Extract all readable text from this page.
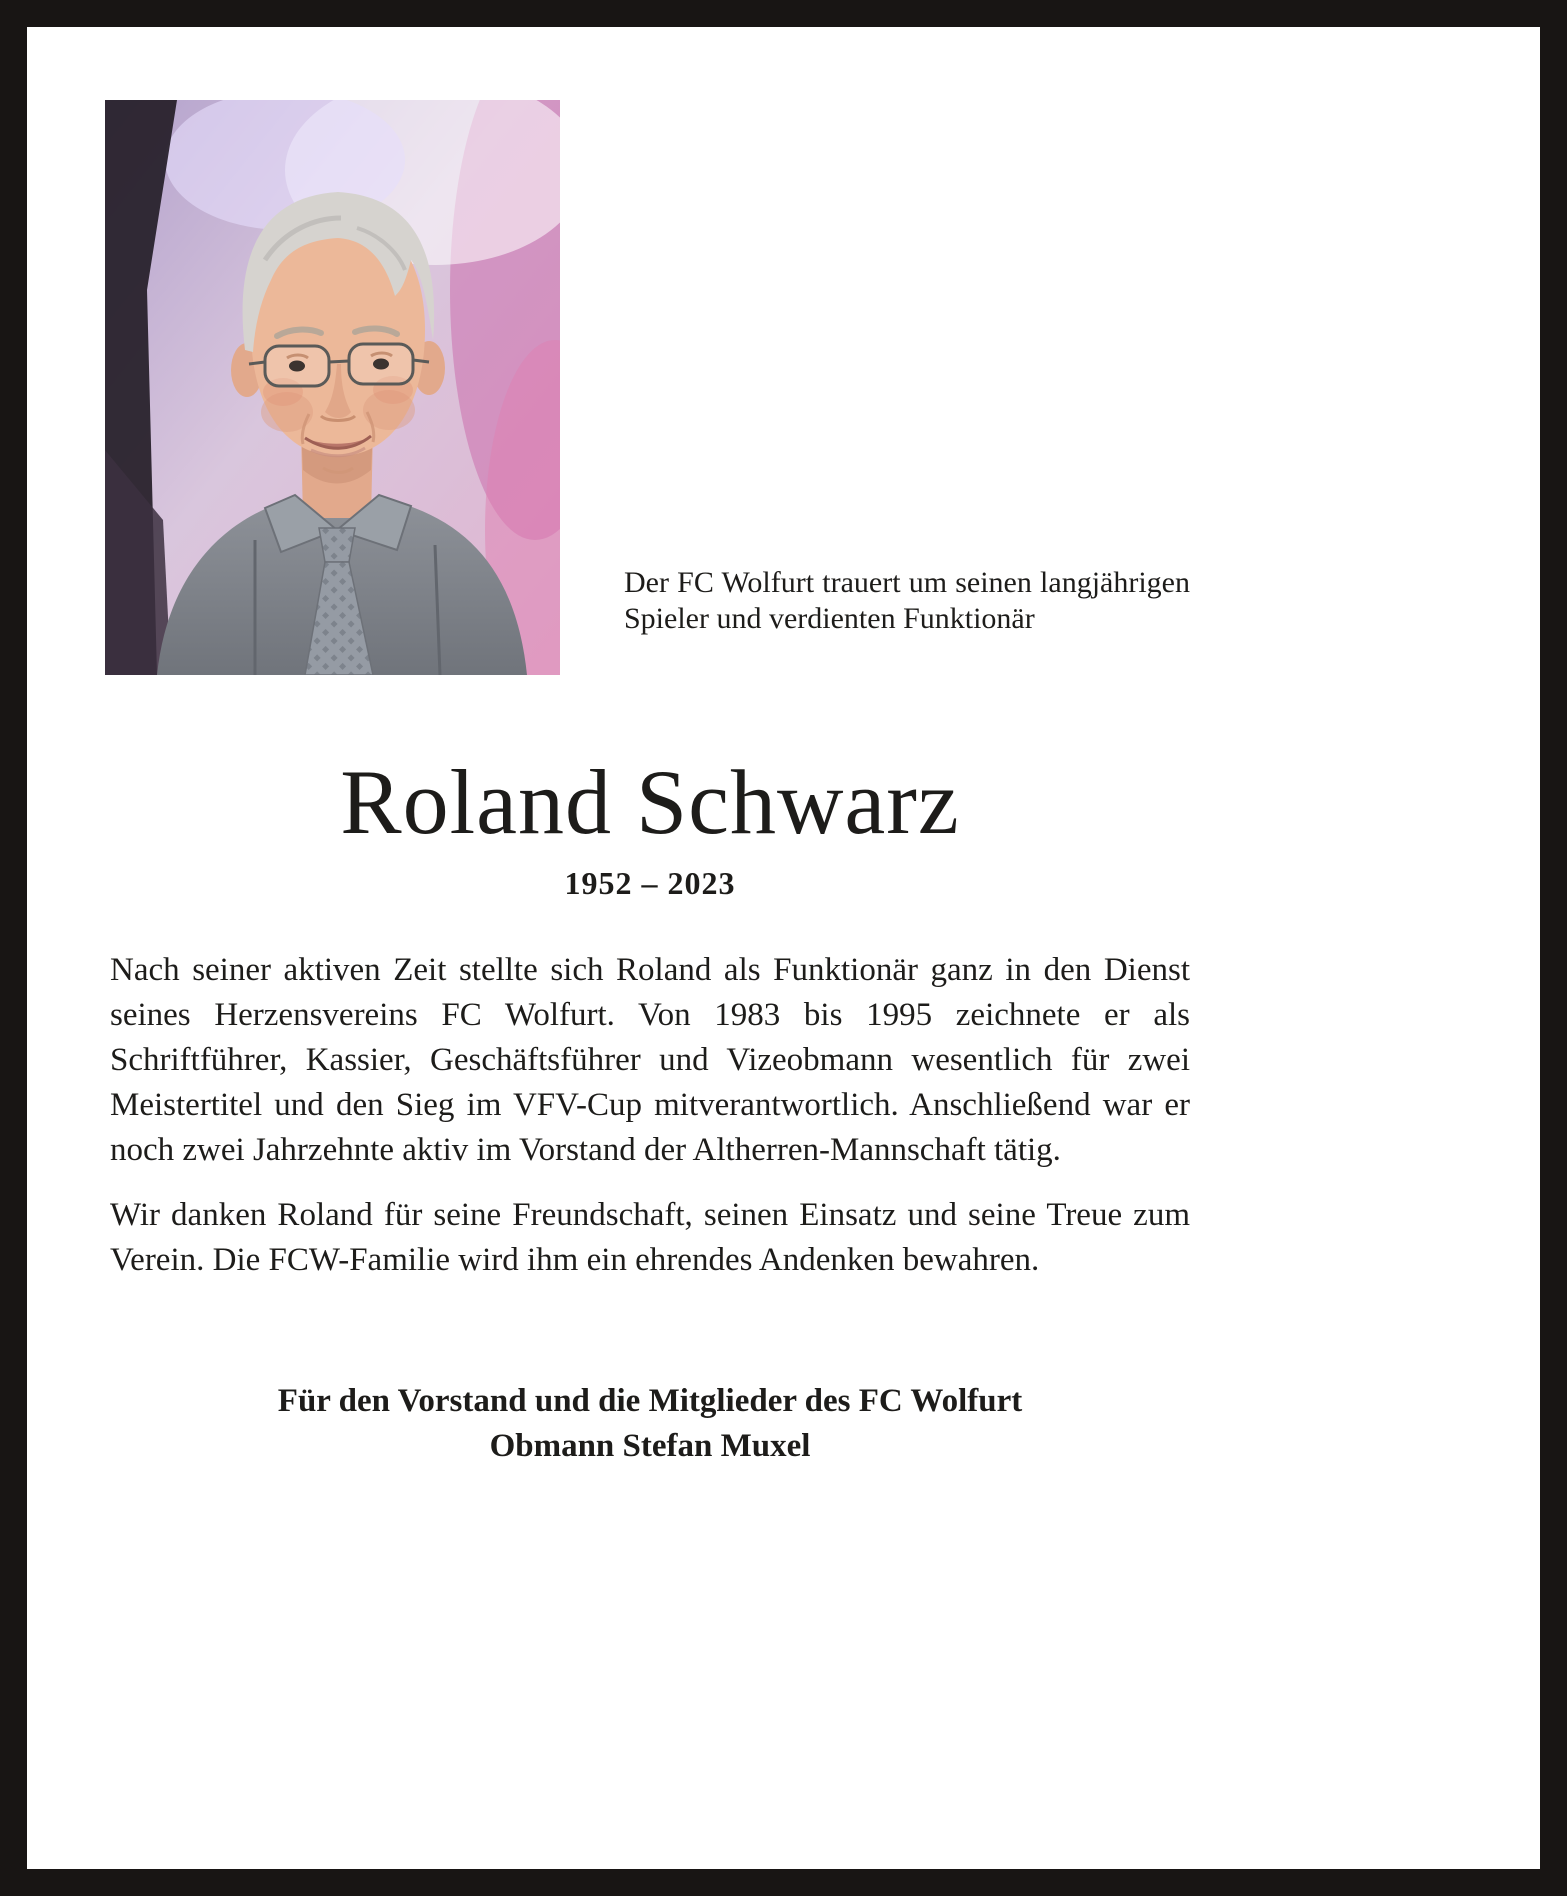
Der FC Wolfurt trauert um seinen langjährigen Spieler und verdienten Funktionär
Roland Schwarz
1952 – 2023

Nach seiner aktiven Zeit stellte sich Roland als Funktionär ganz in den Dienst seines Herzensvereins FC Wolfurt. Von 1983 bis 1995 zeichnete er als Schriftführer, Kassier, Geschäftsführer und Vizeobmann wesentlich für zwei Meistertitel und den Sieg im VFV-Cup mitverantwortlich. Anschließend war er noch zwei Jahrzehnte aktiv im Vorstand der Altherren-Mannschaft tätig.

Wir danken Roland für seine Freundschaft, seinen Einsatz und seine Treue zum Verein. Die FCW-Familie wird ihm ein ehrendes Andenken bewahren.

Für den Vorstand und die Mitglieder des FC Wolfurt
Obmann Stefan Muxel
